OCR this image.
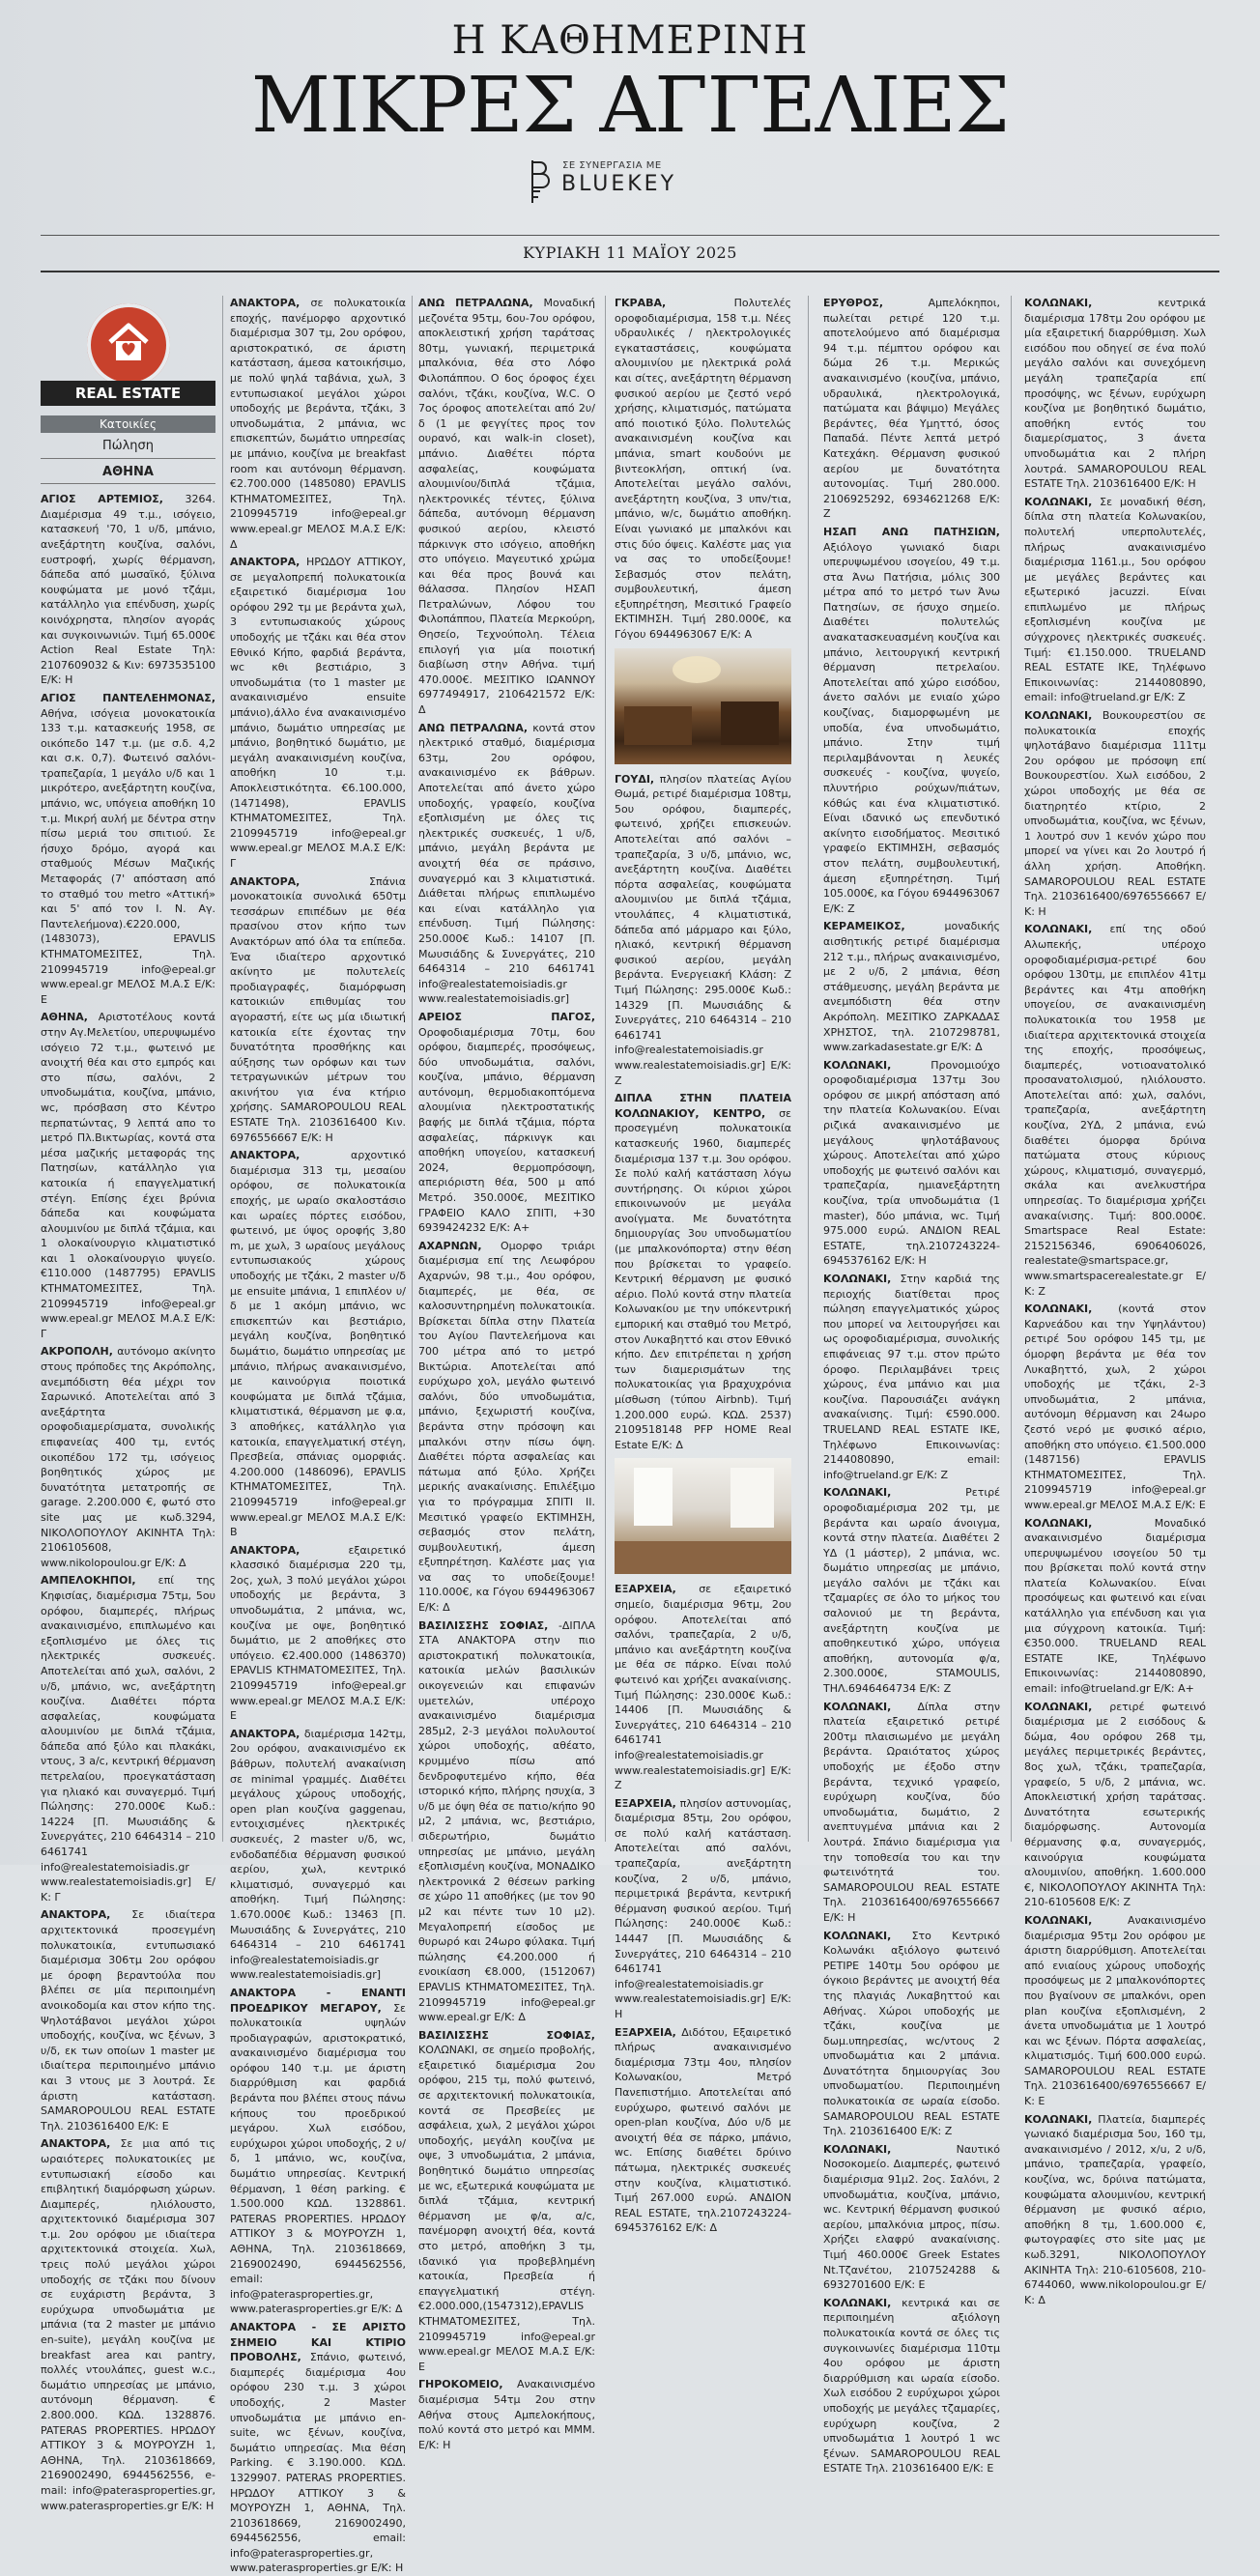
Η ΚΑΘΗΜΕΡΙΝΗ
ΜΙΚΡΕΣ ΑΓΓΕΛΙΕΣ
ΣΕ ΣΥΝΕΡΓΑΣΙΑ ΜΕ
BLUEKEY
ΚΥΡΙΑΚΗ 11 ΜΑΪΟΥ 2025
REAL ESTATE
Κατοικίες
Πώληση
ΑΘΗΝΑ

ΑΓΙΟΣ ΑΡΤΕΜΙΟΣ, 3264. Διαμέρισμα 49 τ.μ., ισόγειο, κατασκευή '70, 1 υ/δ, μπάνιο, ανεξάρτητη κουζίνα, σαλόνι, ευστροφή, χωρίς θέρμανση, δάπεδα από μωσαϊκό, ξύλινα κουφώματα με μονό τζάμι, κατάλληλο για επένδυση, χωρίς κοινόχρηστα, πλησίον αγοράς και συγκοινωνιών. Τιμή 65.000€ Action Real Estate Τηλ: 2107609032 & Κιν: 6973535100 Ε/Κ: Η

ΑΓΙΟΣ ΠΑΝΤΕΛΕΗΜΟΝΑΣ, Αθήνα, ισόγεια μονοκατοικία 133 τ.μ. κατασκευής 1958, σε οικόπεδο 147 τ.μ. (με σ.δ. 4,2 και σ.κ. 0,7). Φωτεινό σαλόνι-τραπεζαρία, 1 μεγάλο υ/δ και 1 μικρότερο, ανεξάρτητη κουζίνα, μπάνιο, wc, υπόγεια αποθήκη 10 τ.μ. Μικρή αυλή με δέντρα στην πίσω μεριά του σπιτιού. Σε ήσυχο δρόμο, αγορά και σταθμούς Μέσων Μαζικής Μεταφοράς (7' απόσταση από το σταθμό του metro «Αττική» και 5' από τον Ι. Ν. Αγ. Παντελεήμονα).€220.000, (1483073), EPAVLIS ΚΤΗΜΑΤΟΜΕΣΙΤΕΣ, Τηλ. 2109945719 info@epeal.gr www.epeal.gr ΜΕΛΟΣ Μ.Α.Σ Ε/Κ: Ε

ΑΘΗΝΑ, Αριστοτέλους κοντά στην Αγ.Μελετίου, υπερυψωμένο ισόγειο 72 τ.μ., φωτεινό με ανοιχτή θέα και στο εμπρός και στο πίσω, σαλόνι, 2 υπνοδωμάτια, κουζίνα, μπάνιο, wc, πρόσβαση στο Κέντρο περπατώντας, 9 λεπτά απο το μετρό Πλ.Βικτωρίας, κοντά στα μέσα μαζικής μεταφοράς της Πατησίων, κατάλληλο για κατοικία ή επαγγελματική στέγη. Επίσης έχει βρύνια δάπεδα και κουφώματα αλουμινίου με διπλά τζάμια, και 1 ολοκαίνουργιο κλιματιστικό και 1 ολοκαίνουργιο ψυγείο. €110.000 (1487795) EPAVLIS ΚΤΗΜΑΤΟΜΕΣΙΤΕΣ, Τηλ. 2109945719 info@epeal.gr www.epeal.gr ΜΕΛΟΣ Μ.Α.Σ Ε/Κ: Γ

ΑΚΡΟΠΟΛΗ, αυτόνομο ακίνητο στους πρόποδες της Ακρόπολης, ανεμπόδιστη θέα μέχρι τον Σαρωνικό. Αποτελείται από 3 ανεξάρτητα οροφοδιαμερίσματα, συνολικής επιφανείας 400 τμ, εντός οικοπέδου 172 τμ, ισόγειος βοηθητικός χώρος με δυνατότητα μετατροπής σε garage. 2.200.000 €, φωτό στο site μας με κωδ.3294, ΝΙΚΟΛΟΠΟΥΛΟΥ ΑΚΙΝΗΤΑ Τηλ: 2106105608, www.nikolopoulou.gr Ε/Κ: Δ

ΑΜΠΕΛΟΚΗΠΟΙ, επί της Κηφισίας, διαμέρισμα 75τμ, 5ου ορόφου, διαμπερές, πλήρως ανακαινισμένο, επιπλωμένο και εξοπλισμένο με όλες τις ηλεκτρικές συσκευές. Αποτελείται από χωλ, σαλόνι, 2 υ/δ, μπάνιο, wc, ανεξάρτητη κουζίνα. Διαθέτει πόρτα ασφαλείας, κουφώματα αλουμινίου με διπλά τζάμια, δάπεδα από ξύλο και πλακάκι, ντους, 3 a/c, κεντρική θέρμανση πετρελαίου, προεγκατάσταση για ηλιακό και συναγερμό. Τιμή Πώλησης: 270.000€ Κωδ.: 14224 [Π. Μωυσιάδης & Συνεργάτες, 210 6464314 – 210 6461741 info@realestatemoisiadis.gr www.realestatemoisiadis.gr] Ε/Κ: Γ

ΑΝΑΚΤΟΡΑ, Σε ιδιαίτερα αρχιτεκτονικά προσεγμένη πολυκατοικία, εντυπωσιακό διαμέρισμα 306τμ 2ου ορόφου με όροφη βεραντούλα που βλέπει σε μία περιποιημένη ανοικοδομία και στον κήπο της. Ψηλοτάβανοι μεγάλοι χώροι υποδοχής, κουζίνα, wc ξένων, 3 υ/δ, εκ των οποίων 1 master με ιδιαίτερα περιποιημένο μπάνιο και 3 ντους με 3 λουτρά. Σε άριστη κατάσταση. SAMAROPOULOU REAL ESTATE Τηλ. 2103616400 Ε/Κ: Ε

ΑΝΑΚΤΟΡΑ, Σε μια από τις ωραιότερες πολυκατοικίες με εντυπωσιακή είσοδο και επιβλητική διαμόρφωση χώρων. Διαμπερές, ηλιόλουστο, αρχιτεκτονικό διαμέρισμα 307 τ.μ. 2ου ορόφου με ιδιαίτερα αρχιτεκτονικά στοιχεία. Χωλ, τρεις πολύ μεγάλοι χώροι υποδοχής σε τζάκι που δίνουν σε ευχάριστη βεράντα, 3 ευρύχωρα υπνοδωμάτια με μπάνια (τα 2 master με μπάνιο en-suite), μεγάλη κουζίνα με breakfast area και pantry, πολλές ντουλάπες, guest w.c., δωμάτιο υπηρεσίας με μπάνιο, αυτόνομη θέρμανση. € 2.800.000. ΚΩΔ. 1328876. PATERAS PROPERTIES. ΗΡΩΔΟΥ ΑΤΤΙΚΟΥ 3 & ΜΟΥΡΟΥΖΗ 1, ΑΘΗΝΑ, Τηλ. 2103618669, 2169002490, 6944562556, e-mail: info@paterasproperties.gr, www.paterasproperties.gr Ε/Κ: Η

ΑΝΑΚΤΟΡΑ, σε πολυκατοικία εποχής, πανέμορφο αρχοντικό διαμέρισμα 307 τμ, 2ου ορόφου, αριστοκρατικό, σε άριστη κατάσταση, άμεσα κατοικήσιμο, με πολύ ψηλά ταβάνια, χωλ, 3 εντυπωσιακοί μεγάλοι χώροι υποδοχής με βεράντα, τζάκι, 3 υπνοδωμάτια, 2 μπάνια, wc επισκεπτών, δωμάτιο υπηρεσίας με μπάνιο, κουζίνα με breakfast room και αυτόνομη θέρμανση. €2.700.000 (1485080) EPAVLIS ΚΤΗΜΑΤΟΜΕΣΙΤΕΣ, Τηλ. 2109945719 info@epeal.gr www.epeal.gr ΜΕΛΟΣ Μ.Α.Σ Ε/Κ: Δ

ΑΝΑΚΤΟΡΑ, ΗΡΩΔΟΥ ΑΤΤΙΚΟΥ, σε μεγαλοπρεπή πολυκατοικία εξαιρετικό διαμέρισμα 1ου ορόφου 292 τμ με βεράντα χωλ, 3 εντυπωσιακούς χώρους υποδοχής με τζάκι και θέα στον Εθνικό Κήπο, φαρδιά βεράντα, wc κθι βεστιάριο, 3 υπνοδωμάτια (το 1 master με ανακαινισμένο ensuite μπάνιο),άλλο ένα ανακαινισμένο μπάνιο, δωμάτιο υπηρεσίας με μπάνιο, βοηθητικό δωμάτιο, με μεγάλη ανακαινισμένη κουζίνα, αποθήκη 10 τ.μ. Αποκλειστικότητα. €6.100.000, (1471498), EPAVLIS ΚΤΗΜΑΤΟΜΕΣΙΤΕΣ, Τηλ. 2109945719 info@epeal.gr www.epeal.gr ΜΕΛΟΣ Μ.Α.Σ Ε/Κ: Γ

ΑΝΑΚΤΟΡΑ,	Σπάνια μονοκατοικία συνολικά 650τμ τεσσάρων επιπέδων με θέα πρασίνου στον κήπο των Ανακτόρων από όλα τα επίπεδα. Ένα ιδιαίτερο αρχοντικό ακίνητο με πολυτελείς προδιαγραφές, διαμόρφωση κατοικιών επιθυμίας του αγοραστή, είτε ως μία ιδιωτική κατοικία είτε έχοντας την δυνατότητα προσθήκης και αύξησης των ορόφων και των τετραγωνικών μέτρων του ακινήτου για ένα κτήριο χρήσης. SAMAROPOULOU REAL ESTATE Τηλ. 2103616400 Κιν. 6976556667 Ε/Κ: Η

ΑΝΑΚΤΟΡΑ,	αρχοντικό διαμέρισμα 313 τμ, μεσαίου ορόφου, σε πολυκατοικία εποχής, με ωραίο σκαλοστάσιο και ωραίες πόρτες εισόδου, φωτεινό, με ύψος οροφής 3,80 m, με χωλ, 3 ωραίους μεγάλους εντυπωσιακούς χώρους υποδοχής με τζάκι, 2 master υ/δ με ensuite μπάνια, 1 επιπλέον υ/δ με 1 ακόμη μπάνιο, wc επισκεπτών και βεστιάριο, μεγάλη κουζίνα, βοηθητικό δωμάτιο, δωμάτιο υπηρεσίας με μπάνιο, πλήρως ανακαινισμένο, με καινούργια ποιοτικά κουφώματα με διπλά τζάμια, κλιματιστικά, θέρμανση με φ.α, 3 αποθήκες, κατάλληλο για κατοικία, επαγγελματική στέγη, Πρεσβεία, σπάνιας ομορφιάς. 4.200.000 (1486096), EPAVLIS ΚΤΗΜΑΤΟΜΕΣΙΤΕΣ, Τηλ. 2109945719 info@epeal.gr www.epeal.gr ΜΕΛΟΣ Μ.Α.Σ Ε/Κ: Β

ΑΝΑΚΤΟΡΑ,	εξαιρετικό κλασσικό διαμέρισμα 220 τμ, 2ος, χωλ, 3 πολύ μεγάλοι χώροι υποδοχής με βεράντα, 3 υπνοδωμάτια, 2 μπάνια, wc, κουζίνα με οψε, βοηθητικό δωμάτιο, με 2 αποθήκες στο υπόγειο. €2.400.000 (1486370) EPAVLIS ΚΤΗΜΑΤΟΜΕΣΙΤΕΣ, Τηλ. 2109945719 info@epeal.gr www.epeal.gr ΜΕΛΟΣ Μ.Α.Σ Ε/Κ: Ε

ΑΝΑΚΤΟΡΑ, διαμέρισμα 142τμ, 2ου ορόφου, ανακαινισμένο εκ βάθρων, πολυτελή ανακαίνιση σε minimal γραμμές. Διαθέτει μεγάλους χώρους υποδοχής, open plan κουζίνα gaggenau, εντοιχισμένες ηλεκτρικές συσκευές, 2 master υ/δ, wc, ενδοδαπέδια θέρμανση φυσικού αερίου, χωλ, κεντρικό κλιματισμό, συναγερμό και αποθήκη. Τιμή Πώλησης: 1.670.000€ Κωδ.: 13463 [Π. Μωυσιάδης & Συνεργάτες, 210 6464314 – 210 6461741 info@realestatemoisiadis.gr www.realestatemoisiadis.gr]

ΑΝΑΚΤΟΡΑ - ΕΝΑΝΤΙ ΠΡΟΕΔΡΙΚΟΥ ΜΕΓΑΡΟΥ, Σε πολυκατοικία υψηλών προδιαγραφών, αριστοκρατικό, ανακαινισμένο διαμέρισμα του ορόφου 140 τ.μ. με άριστη διαρρύθμιση και φαρδιά βεράντα που βλέπει στους πάνω κήπους του προεδρικού μεγάρου. Χωλ εισόδου, ευρύχωροι χώροι υποδοχής, 2 υ/δ, 1 μπάνιο, wc, κουζίνα, δωμάτιο υπηρεσίας. Κεντρική θέρμανση, 1 θέση parking. € 1.500.000 ΚΩΔ. 1328861. PATERAS PROPERTIES. ΗΡΩΔΟΥ ΑΤΤΙΚΟΥ 3 & ΜΟΥΡΟΥΖΗ 1, ΑΘΗΝΑ, Τηλ. 2103618669, 2169002490, 6944562556, email: info@paterasproperties.gr, www.paterasproperties.gr Ε/Κ: Δ

ΑΝΑΚΤΟΡΑ - ΣΕ ΑΡΙΣΤΟ ΣΗΜΕΙΟ ΚΑΙ ΚΤΙΡΙΟ ΠΡΟΒΟΛΗΣ, Σπάνιο, φωτεινό, διαμπερές διαμέρισμα 4ου ορόφου 230 τ.μ. 3 χώροι υποδοχής, 2 Master υπνοδωμάτια με μπάνιο en-suite, wc ξένων, κουζίνα, δωμάτιο υπηρεσίας. Μια θέση Parking. € 3.190.000. ΚΩΔ. 1329907. PATERAS PROPERTIES. ΗΡΩΔΟΥ ΑΤΤΙΚΟΥ 3 & ΜΟΥΡΟΥΖΗ 1, ΑΘΗΝΑ, Τηλ. 2103618669, 2169002490, 6944562556, email: info@paterasproperties.gr, www.paterasproperties.gr Ε/Κ: Η

ΑΝΩ ΠΕΤΡΑΛΩΝΑ, Μοναδική μεζονέτα 95τμ, 6ου-7ου ορόφου, αποκλειστική χρήση ταράτσας 80τμ, γωνιακή, περιμετρικά μπαλκόνια, θέα στο Λόφο Φιλοπάππου. Ο 6ος όροφος έχει σαλόνι, τζάκι, κουζίνα, W.C. Ο 7ος όροφος αποτελείται από 2υ/δ (1 με φεγγίτες προς τον ουρανό, και walk-in closet), μπάνιο. Διαθέτει πόρτα ασφαλείας, κουφώματα αλουμινίου/διπλά τζάμια, ηλεκτρονικές τέντες, ξύλινα δάπεδα, αυτόνομη θέρμανση φυσικού αερίου, κλειστό πάρκινγκ στο ισόγειο, αποθήκη στο υπόγειο. Μαγευτικό χρώμα και θέα προς βουνά και θάλασσα. Πλησίον ΗΣΑΠ Πετραλώνων, Λόφου του Φιλοπάππου, Πλατεία Μερκούρη, Θησείο, Τεχνούπολη. Τέλεια επιλογή για μία ποιοτική διαβίωση στην Αθήνα. τιμή 470.000€. ΜΕΣΙΤΙΚΟ ΙΩΑΝΝΟΥ 6977494917, 2106421572 Ε/Κ: Δ

ΑΝΩ ΠΕΤΡΑΛΩΝΑ, κοντά στον ηλεκτρικό σταθμό, διαμέρισμα 63τμ, 2ου ορόφου, ανακαινισμένο εκ βάθρων. Αποτελείται από άνετο χώρο υποδοχής, γραφείο, κουζίνα εξοπλισμένη με όλες τις ηλεκτρικές συσκευές, 1 υ/δ, μπάνιο, μεγάλη βεράντα με ανοιχτή θέα σε πράσινο, συναγερμό και 3 κλιματιστικά. Διάθεται πλήρως επιπλωμένο και είναι κατάλληλο για επένδυση. Τιμή Πώλησης: 250.000€ Κωδ.: 14107 [Π. Μωυσιάδης & Συνεργάτες, 210 6464314 – 210 6461741 info@realestatemoisiadis.gr www.realestatemoisiadis.gr]

ΑΡΕΙΟΣ ΠΑΓΟΣ, Οροφοδιαμέρισμα 70τμ, 6ου ορόφου, διαμπερές, προσόψεως, δύο υπνοδωμάτια, σαλόνι, κουζίνα, μπάνιο, θέρμανση αυτόνομη, θερμοδιακοπτόμενα αλουμίνια ηλεκτροστατικής βαφής με διπλά τζάμια, πόρτα ασφαλείας, πάρκινγκ και αποθήκη υπογείου, κατασκευή 2024, θερμοπρόσοψη, απεριόριστη θέα, 500 μ από Μετρό. 350.000€, ΜΕΣΙΤΙΚΟ ΓΡΑΦΕΙΟ ΚΑΛΟ ΣΠΙΤΙ, +30 6939424232 Ε/Κ: Α+

ΑΧΑΡΝΩΝ, Ομορφο τριάρι διαμέρισμα επί της Λεωφόρου Αχαρνών, 98 τ.μ., 4ου ορόφου, διαμπερές, με θέα, σε καλοσυντηρημένη πολυκατοικία. Βρίσκεται δίπλα στην Πλατεία του Αγίου Παντελεήμονα και 700 μέτρα από το μετρό Βικτώρια. Αποτελείται από ευρύχωρο χολ, μεγάλο φωτεινό σαλόνι, δύο υπνοδωμάτια, μπάνιο, ξεχωριστή κουζίνα, βεράντα στην πρόσοψη και μπαλκόνι στην πίσω όψη. Διαθέτει πόρτα ασφαλείας και πάτωμα από ξύλο. Χρήζει μερικής ανακαίνισης. Επιλέξιμο για το πρόγραμμα ΣΠΙΤΙ ΙΙ. Μεσιτικό γραφείο ΕΚΤΙΜΗΣΗ, σεβασμός στον πελάτη, συμβουλευτική, άμεση εξυπηρέτηση. Καλέστε μας για να σας το υποδείξουμε! 110.000€, κα Γόγου 6944963067 Ε/Κ: Δ

ΒΑΣΙΛΙΣΣΗΣ ΣΟΦΙΑΣ, -ΔΙΠΛΑ ΣΤΑ ΑΝΑΚΤΟΡΑ στην πιο αριστοκρατική πολυκατοικία, κατοικία μελών βασιλικών οικογενειών και επιφανών υμετελών, υπέροχο ανακαινισμένο διαμέρισμα 285μ2, 2-3 μεγάλοι πολυλουτοί χώροι υποδοχής, αθέατο, κρυμμένο πίσω από δενδροφυτεμένο κήπο, θέα ιστορικό κήπο, πλήρης ησυχία, 3 υ/δ με όψη θέα σε πατιο/κήπο 90 μ2, 2 μπάνια, wc, βεστιάριο, σιδερωτήριο, δωμάτιο υπηρεσίας με μπάνιο, μεγάλη εξοπλισμένη κουζίνα, ΜΟΝΑΔΙΚΟ ηλεκτρονικά 2 θέσεων parking σε χώρο 11 αποθήκες (με τον 90 μ2 και πέντε των 10 μ2). Μεγαλοπρεπή είσοδος με θυρωρό και 24ωρο φύλακα. Τιμή πώλησης €4.200.000 ή ενοικίαση €8.000, (1512067) EPAVLIS ΚΤΗΜΑΤΟΜΕΣΙΤΕΣ, Τηλ. 2109945719 info@epeal.gr www.epeal.gr Ε/Κ: Δ

ΒΑΣΙΛΙΣΣΗΣ ΣΟΦΙΑΣ, ΚΟΛΩΝΑΚΙ, σε σημείο προβολής, εξαιρετικό διαμέρισμα 2ου ορόφου, 215 τμ, πολύ φωτεινό, σε αρχιτεκτονική πολυκατοικία, κοντά σε Πρεσβείες με ασφάλεια, χωλ, 2 μεγάλοι χώροι υποδοχής, μεγάλη κουζίνα με οψε, 3 υπνοδωμάτια, 2 μπάνια, βοηθητικό δωμάτιο υπηρεσίας με wc, εξωτερικά κουφώματα με διπλά τζάμια, κεντρική θέρμανση με φ/α, α/c, πανέμορφη ανοιχτή θέα, κοντά στο μετρό, αποθήκη 3 τμ, ιδανικό για προβεβλημένη κατοικία, Πρεσβεία ή επαγγελματική στέγη. €2.000.000,(1547312),EPAVLIS ΚΤΗΜΑΤΟΜΕΣΙΤΕΣ, Τηλ. 2109945719 info@epeal.gr www.epeal.gr ΜΕΛΟΣ Μ.Α.Σ Ε/Κ: Ε

ΓΗΡΟΚΟΜΕΙΟ, Ανακαινισμένο διαμέρισμα 54τμ 2ου στην Αθήνα στους Αμπελοκήπους, πολύ κοντά στο μετρό και ΜΜΜ. Ε/Κ: Η

ΓΚΡΑΒΑ,	Πολυτελές οροφοδιαμέρισμα, 158 τ.μ. Νέες υδραυλικές / ηλεκτρολογικές εγκαταστάσεις, κουφώματα αλουμινίου με ηλεκτρικά ρολά και σίτες, ανεξάρτητη θέρμανση φυσικού αερίου με ζεστό νερό χρήσης, κλιματισμός, πατώματα από ποιοτικό ξύλο. Πολυτελώς ανακαινισμένη κουζίνα και μπάνια, smart κουδούνι με βιντεοκλήση, οπτική ίνα. Αποτελείται μεγάλο σαλόνι, ανεξάρτητη κουζίνα, 3 υπν/τια, μπάνιο, w/c, δωμάτιο αποθήκη. Είναι γωνιακό με μπαλκόνι και στις δύο όψεις. Καλέστε μας για να σας το υποδείξουμε! Σεβασμός στον πελάτη, συμβουλευτική, άμεση εξυπηρέτηση, Μεσιτικό Γραφείο ΕΚΤΙΜΗΣΗ. Τιμή 280.000€, κα Γόγου 6944963067 Ε/Κ: Α

ΓΟΥΔΙ, πλησίον πλατείας Αγίου Θωμά, ρετιρέ διαμέρισμα 108τμ, 5ου ορόφου, διαμπερές, φωτεινό, χρήζει επισκευών. Αποτελείται από σαλόνι – τραπεζαρία, 3 υ/δ, μπάνιο, wc, ανεξάρτητη κουζίνα. Διαθέτει πόρτα ασφαλείας, κουφώματα αλουμινίου με διπλά τζάμια, ντουλάπες, 4 κλιματιστικά, δάπεδα από μάρμαρο και ξύλο, ηλιακό, κεντρική θέρμανση φυσικού αερίου, μεγάλη βεράντα. Ενεργειακή Κλάση: Ζ Τιμή Πώλησης: 295.000€ Κωδ.: 14329 [Π. Μωυσιάδης & Συνεργάτες, 210 6464314 – 210 6461741 info@realestatemoisiadis.gr www.realestatemoisiadis.gr] Ε/Κ: Ζ

ΔΙΠΛΑ ΣΤΗΝ ΠΛΑΤΕΙΑ ΚΟΛΩΝΑΚΙΟΥ, ΚΕΝΤΡΟ, σε προσεγμένη πολυκατοικία κατασκευής 1960, διαμπερές διαμέρισμα 137 τ.μ. 3ου ορόφου. Σε πολύ καλή κατάσταση λόγω συντήρησης. Οι κύριοι χώροι επικοινωνούν με μεγάλα ανοίγματα. Με δυνατότητα δημιουργίας 3ου υπνοδωματίου (με μπαλκονόπορτα) στην θέση που βρίσκεται το γραφείο. Κεντρική θέρμανση με φυσικό αέριο. Πολύ κοντά στην πλατεία Κολωνακίου με την υπόκεντρική εμπορική και σταθμό του Μετρό, στον Λυκαβηττό και στον Εθνικό κήπο. Δεν επιτρέπεται η χρήση των διαμερισμάτων της πολυκατοικίας για βραχυχρόνια μίσθωση (τύπου Airbnb). Τιμή 1.200.000 ευρώ. ΚΩΔ. 2537) 2109518148 PFP HOME Real Estate Ε/Κ: Δ

ΕΞΑΡΧΕΙΑ, σε εξαιρετικό σημείο, διαμέρισμα 96τμ, 2ου ορόφου. Αποτελείται από σαλόνι, τραπεζαρία, 2 υ/δ, μπάνιο και ανεξάρτητη κουζίνα με θέα σε πάρκο. Είναι πολύ φωτεινό και χρήζει ανακαίνισης. Τιμή Πώλησης: 230.000€ Κωδ.: 14406 [Π. Μωυσιάδης & Συνεργάτες, 210 6464314 – 210 6461741 info@realestatemoisiadis.gr www.realestatemoisiadis.gr] Ε/Κ: Ζ

ΕΞΑΡΧΕΙΑ, πλησίον αστυνομίας, διαμέρισμα 85τμ, 2ου ορόφου, σε πολύ καλή κατάσταση. Αποτελείται από σαλόνι, τραπεζαρία, ανεξάρτητη κουζίνα, 2 υ/δ, μπάνιο, περιμετρικά βεράντα, κεντρική θέρμανση φυσικού αερίου. Τιμή Πώλησης: 240.000€ Κωδ.: 14447 [Π. Μωυσιάδης & Συνεργάτες, 210 6464314 – 210 6461741 info@realestatemoisiadis.gr www.realestatemoisiadis.gr] Ε/Κ: Η

ΕΞΑΡΧΕΙΑ, Διδότου, Εξαιρετικό πλήρως ανακαινισμένο διαμέρισμα 73τμ 4ου, πλησίον Κολωνακίου, Μετρό Πανεπιστήμιο. Αποτελείται από ευρύχωρο, φωτεινό σαλόνι με open-plan κουζίνα, Δύο υ/δ με ανοιχτή θέα σε πάρκο, μπάνιο, wc. Επίσης διαθέτει δρύινο πάτωμα, ηλεκτρικές συσκευές στην κουζίνα, κλιματιστικό. Τιμή 267.000 ευρώ. ΑΝΔΙΟΝ REAL ESTATE, τηλ.2107243224-6945376162 Ε/Κ: Δ

ΕΡΥΘΡΟΣ,	Αμπελόκηποι, πωλείται ρετιρέ 120 τ.μ. αποτελούμενο από διαμέρισμα 94 τ.μ. πέμπτου ορόφου και δώμα 26 τ.μ. Μερικώς ανακαινισμένο (κουζίνα, μπάνιο, υδραυλικά, ηλεκτρολογικά, πατώματα και βάψιμο) Μεγάλες βεράντες, θέα Υμηττό, όσος Παπαδά. Πέντε λεπτά μετρό Κατεχάκη. Θέρμανση φυσικού αερίου με δυνατότητα αυτονομίας. Τιμή 280.000. 2106925292, 6934621268 Ε/Κ: Ζ

ΗΣΑΠ ΑΝΩ ΠΑΤΗΣΙΩΝ, Αξιόλογο γωνιακό διαρι υπερυψωμένου ισογείου, 49 τ.μ. στα Άνω Πατήσια, μόλις 300 μέτρα από το μετρό των Άνω Πατησίων, σε ήσυχο σημείο. Διαθέτει πολυτελώς ανακατασκευασμένη κουζίνα και μπάνιο, λειτουργική κεντρική θέρμανση πετρελαίου. Αποτελείται από χώρο εισόδου, άνετο σαλόνι με ενιαίο χώρο κουζίνας, διαμορφωμένη με υποδία, ένα υπνοδωμάτιο, μπάνιο. Στην τιμή περιλαμβάνονται η λευκές συσκευές - κουζίνα, ψυγείο, πλυντήριο ρούχων/πιάτων, κόθώς και ένα κλιματιστικό. Είναι ιδανικό ως επενδυτικό ακίνητο εισοδήματος. Μεσιτικό γραφείο ΕΚΤΙΜΗΣΗ, σεβασμός στον πελάτη, συμβουλευτική, άμεση εξυπηρέτηση. Τιμή 105.000€, κα Γόγου 6944963067 Ε/Κ: Ζ

ΚΕΡΑΜΕΙΚΟΣ,	μοναδικής αισθητικής ρετιρέ διαμέρισμα 212 τ.μ., πλήρως ανακαινισμένο, με 2 υ/δ, 2 μπάνια, θέση στάθμευσης, μεγάλη βεράντα με ανεμπόδιστη θέα στην Ακρόπολη. ΜΕΣΙΤΙΚΟ ΖΑΡΚΑΔΑΣ ΧΡΗΣΤΟΣ, τηλ. 2107298781, www.zarkadasestate.gr Ε/Κ: Δ

ΚΟΛΩΝΑΚΙ,	Προνομιούχο οροφοδιαμέρισμα 137τμ 3ου ορόφου σε μικρή απόσταση από την πλατεία Κολωνακίου. Είναι ριζικά ανακαινισμένο με μεγάλους ψηλοτάβανους χώρους. Αποτελείται από χώρο υποδοχής με φωτεινό σαλόνι και τραπεζαρία, ημιανεξάρτητη κουζίνα, τρία υπνοδωμάτια (1 master), δύο μπάνια, wc. Τιμή 975.000 ευρώ. ΑΝΔΙΟΝ REAL ESTATE, τηλ.2107243224-6945376162 Ε/Κ: Η

ΚΟΛΩΝΑΚΙ, Στην καρδιά της περιοχής διατίθεται προς πώληση επαγγελματικός χώρος που μπορεί να λειτουργήσει και ως οροφοδιαμέρισμα, συνολικής επιφάνειας 97 τ.μ. στον πρώτο όροφο. Περιλαμβάνει τρεις χώρους, ένα μπάνιο και μια κουζίνα. Παρουσιάζει ανάγκη ανακαίνισης. Τιμή: €590.000. TRUELAND REAL ESTATE ΙΚΕ, Τηλέφωνο Επικοινωνίας: 2144080890, email: info@trueland.gr Ε/Κ: Ζ

ΚΟΛΩΝΑΚΙ,	Ρετιρέ οροφοδιαμέρισμα 202 τμ, με βεράντα και ωραίο άνοιγμα, κοντά στην πλατεία. Διαθέτει 2 ΥΔ (1 μάστερ), 2 μπάνια, wc. δωμάτιο υπηρεσίας με μπάνιο, μεγάλο σαλόνι με τζάκι και τζαμαρίες σε όλο το μήκος του σαλονιού με τη βεράντα, ανεξάρτητη κουζίνα με αποθηκευτικό χώρο, υπόγεια αποθήκη, αυτονομία φ/α, 2.300.000€, STAMOULIS, ΤΗΛ.6946464734 Ε/Κ: Ζ

ΚΟΛΩΝΑΚΙ, Δίπλα στην πλατεία εξαιρετικό ρετιρέ 200τμ πλαισιωμένο με μεγάλη βεράντα. Ωραιότατος χώρος υποδοχής με έξοδο στην βεράντα, τεχνικό γραφείο, ευρύχωρη κουζίνα, δύο υπνοδωμάτια, δωμάτιο, 2 ανεπτυγμένα μπάνια και 2 λουτρά. Σπάνιο διαμέρισμα για την τοποθεσία του και την φωτεινότητά του. SAMAROPOULOU REAL ESTATE Τηλ. 2103616400/6976556667 Ε/Κ: Η

ΚΟΛΩΝΑΚΙ, Στο Κεντρικό Κολωνάκι αξιόλογο φωτεινό ΡΕΤΙΡΕ 140τμ 5ου ορόφου με όγκοιο βεράντες με ανοιχτή θέα της πλαγιάς Λυκαβηττού και Αθήνας. Χώροι υποδοχής με τζάκι, κουζίνα με δωμ.υπηρεσίας, wc/ντους 2 υπνοδωμάτια και 2 μπάνια. Δυνατότητα δημιουργίας 3ου υπνοδωματίου. Περιποιημένη πολυκατοικία σε ωραία είσοδο. SAMAROPOULOU REAL ESTATE Τηλ. 2103616400 Ε/Κ: Ζ

ΚΟΛΩΝΑΚΙ,	Ναυτικό Νοσοκομείο. Διαμπερές, φωτεινό διαμέρισμα 91μ2. 2ος. Σαλόνι, 2 υπνοδωμάτια, κουζίνα, μπάνιο, wc. Κεντρική θέρμανση φυσικού αερίου, μπαλκόνια μπρος, πίσω. Χρήζει ελαφρύ ανακαίνισης. Τιμή 460.000€ Greek Estates Nt.Τζανέτου, 2107524288 & 6932701600 Ε/Κ: Ε

ΚΟΛΩΝΑΚΙ, κεντρικά και σε περιποιημένη αξιόλογη πολυκατοικία κοντά σε όλες τις συγκοινωνίες διαμέρισμα 110τμ 4ου ορόφου με άριστη διαρρύθμιση και ωραία είσοδο. Χωλ εισόδου 2 ευρύχωροι χώροι υποδοχής με μεγάλες τζαμαρίες, ευρύχωρη κουζίνα, 2 υπνοδωμάτια 1 λουτρό 1 wc ξένων. SAMAROPOULOU REAL ESTATE Τηλ. 2103616400 Ε/Κ: Ε

ΚΟΛΩΝΑΚΙ,	κεντρικά διαμέρισμα 178τμ 2ου ορόφου με μία εξαιρετική διαρρύθμιση. Χωλ εισόδου που οδηγεί σε ένα πολύ μεγάλο σαλόνι και συνεχόμενη μεγάλη τραπεζαρία επί προσόψης, wc ξένων, ευρύχωρη κουζίνα με βοηθητικό δωμάτιο, αποθήκη εντός του διαμερίσματος, 3 άνετα υπνοδωμάτια και 2 πλήρη λουτρά. SAMAROPOULOU REAL ESTATE Τηλ. 2103616400 Ε/Κ: Η

ΚΟΛΩΝΑΚΙ, Σε μοναδική θέση, δίπλα στη πλατεία Κολωνακίου, πολυτελή υπερπολυτελές, πλήρως ανακαινισμένο διαμέρισμα 1161.μ., 5ου ορόφου με μεγάλες βεράντες και εξωτερικό jacuzzi. Είναι επιπλωμένο με πλήρως εξοπλισμένη κουζίνα με σύγχρονες ηλεκτρικές συσκευές. Τιμή: €1.150.000. TRUELAND REAL ESTATE ΙΚΕ, Τηλέφωνο Επικοινωνίας: 2144080890, email: info@trueland.gr Ε/Κ: Ζ

ΚΟΛΩΝΑΚΙ, Βουκουρεστίου σε πολυκατοικία εποχής ψηλοτάβανο διαμέρισμα 111τμ 2ου ορόφου με πρόσοψη επί Βουκουρεστίου. Χωλ εισόδου, 2 χώροι υποδοχής με θέα σε διατηρητέο κτίριο, 2 υπνοδωμάτια, κουζίνα, wc ξένων, 1 λουτρό συν 1 κενόν χώρο που μπορεί να γίνει και 2ο λουτρό ή άλλη χρήση. Αποθήκη. SAMAROPOULOU REAL ESTATE Τηλ. 2103616400/6976556667 Ε/Κ: Η

ΚΟΛΩΝΑΚΙ, επί της οδού Αλωπεκής, υπέροχο οροφοδιαμέρισμα-ρετιρέ 6ου ορόφου 130τμ, με επιπλέον 41τμ βεράντες και 4τμ αποθήκη υπογείου, σε ανακαινισμένη πολυκατοικία του 1958 με ιδιαίτερα αρχιτεκτονικά στοιχεία της εποχής, προσόψεως, διαμπερές, νοτιοανατολικό προσανατολισμού, ηλιόλουστο. Αποτελείται από: χωλ, σαλόνι, τραπεζαρία, ανεξάρτητη κουζίνα, 2ΥΔ, 2 μπάνια, ενώ διαθέτει όμορφα δρύινα πατώματα στους κύριους χώρους, κλιματισμό, συναγερμό, σκάλα και ανελκυστήρα υπηρεσίας. Το διαμέρισμα χρήζει ανακαίνισης. Τιμή: 800.000€. Smartspace Real Estate: 2152156346, 6906406026, realestate@smartspace.gr, www.smartspacerealestate.gr Ε/Κ: Ζ

ΚΟΛΩΝΑΚΙ, (κοντά στον Καρνεάδου και την Υψηλάντου) ρετιρέ 5ου ορόφου 145 τμ, με όμορφη βεράντα με θέα τον Λυκαβηττό, χωλ, 2 χώροι υποδοχής με τζάκι, 2-3 υπνοδωμάτια, 2 μπάνια, αυτόνομη θέρμανση και 24ωρο ζεστό νερό με φυσικό αέριο, αποθήκη στο υπόγειο. €1.500.000 (1487156) EPAVLIS ΚΤΗΜΑΤΟΜΕΣΙΤΕΣ, Τηλ. 2109945719 info@epeal.gr www.epeal.gr ΜΕΛΟΣ Μ.Α.Σ Ε/Κ: Ε

ΚΟΛΩΝΑΚΙ,	Μοναδικό ανακαινισμένο διαμέρισμα υπερυψωμένου ισογείου 50 τμ που βρίσκεται πολύ κοντά στην πλατεία Κολωνακίου. Είναι προσόψεως και φωτεινό και είναι κατάλληλο για επένδυση και για μια σύγχρονη κατοικία. Τιμή: €350.000. TRUELAND REAL ESTATE ΙΚΕ, Τηλέφωνο Επικοινωνίας: 2144080890, email: info@trueland.gr Ε/Κ: Α+

ΚΟΛΩΝΑΚΙ, ρετιρέ φωτεινό διαμέρισμα με 2 εισόδους & δώμα, 4ου ορόφου 268 τμ, μεγάλες περιμετρικές βεράντες, 8ος χωλ, τζάκι, τραπεζαρία, γραφείο, 5 υ/δ, 2 μπάνια, wc. Αποκλειστική χρήση ταράτσας. Δυνατότητα εσωτερικής διαμόρφωσης. Αυτονομία θέρμανσης φ.α, συναγερμός, καινούργια κουφώματα αλουμινίου, αποθήκη. 1.600.000 €, ΝΙΚΟΛΟΠΟΥΛΟΥ ΑΚΙΝΗΤΑ Τηλ: 210-6105608 Ε/Κ: Ζ

ΚΟΛΩΝΑΚΙ,	Ανακαινισμένο διαμέρισμα 95τμ 2ου ορόφου με άριστη διαρρύθμιση. Αποτελείται από ενιαίους χώρους υποδοχής προσόψεως με 2 μπαλκονόπορτες που βγαίνουν σε μπαλκόνι, open plan κουζίνα εξοπλισμένη, 2 άνετα υπνοδωμάτια με 1 λουτρό και wc ξένων. Πόρτα ασφαλείας, κλιματισμός. Τιμή 600.000 ευρώ. SAMAROPOULOU REAL ESTATE Τηλ. 2103616400/6976556667 Ε/Κ: Ε

ΚΟΛΩΝΑΚΙ, Πλατεία, διαμπερές γωνιακό διαμέρισμα 5ου, 160 τμ, ανακαινισμένο / 2012, x/u, 2 υ/δ, μπάνιο, τραπεζαρία, γραφείο, κουζίνα, wc, δρύινα πατώματα, κουφώματα αλουμινίου, κεντρική θέρμανση με φυσικό αέριο, αποθήκη 8 τμ, 1.600.000 €, φωτογραφίες στο site μας με κωδ.3291, ΝΙΚΟΛΟΠΟΥΛΟΥ ΑΚΙΝΗΤΑ Τηλ: 210-6105608, 210-6744060, www.nikolopoulou.gr Ε/Κ: Δ
